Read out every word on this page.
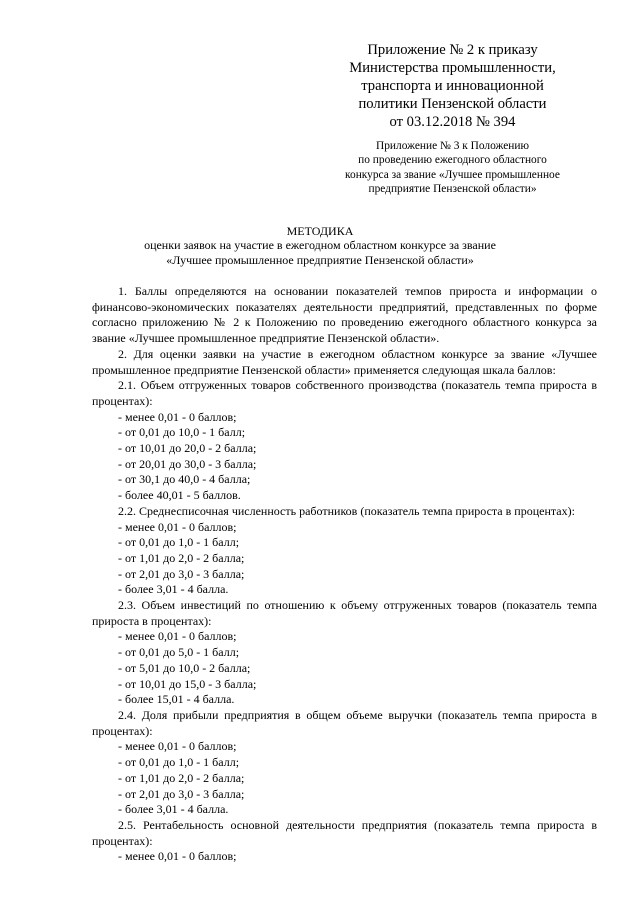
Приложение № 2 к приказу
Министерства промышленности,
транспорта и инновационной
политики Пензенской области
от 03.12.2018 № 394
Приложение № 3 к Положению
по проведению ежегодного областного
конкурса за звание «Лучшее промышленное
предприятие Пензенской области»
МЕТОДИКА
оценки заявок на участие в ежегодном областном конкурсе за звание
«Лучшее промышленное предприятие Пензенской области»

1. Баллы определяются на основании показателей темпов прироста и информации о финансово-экономических показателях деятельности предприятий, представленных по форме согласно приложению № 2 к Положению по проведению ежегодного областного конкурса за звание «Лучшее промышленное предприятие Пензенской области».

2. Для оценки заявки на участие в ежегодном областном конкурсе за звание «Лучшее промышленное предприятие Пензенской области» применяется следующая шкала баллов:

2.1. Объем отгруженных товаров собственного производства (показатель темпа прироста в процентах):

- менее 0,01 - 0 баллов;

- от 0,01 до 10,0 - 1 балл;

- от 10,01 до 20,0 - 2 балла;

- от 20,01 до 30,0 - 3 балла;

- от 30,1 до 40,0 - 4 балла;

- более 40,01 - 5 баллов.

2.2. Среднесписочная численность работников (показатель темпа прироста в процентах):

- менее 0,01 - 0 баллов;

- от 0,01 до 1,0 - 1 балл;

- от 1,01 до 2,0 - 2 балла;

- от 2,01 до 3,0 - 3 балла;

- более 3,01 - 4 балла.

2.3. Объем инвестиций по отношению к объему отгруженных товаров (показатель темпа прироста в процентах):

- менее 0,01 - 0 баллов;

- от 0,01 до 5,0 - 1 балл;

- от 5,01 до 10,0 - 2 балла;

- от 10,01 до 15,0 - 3 балла;

- более 15,01 - 4 балла.

2.4. Доля прибыли предприятия в общем объеме выручки (показатель темпа прироста в процентах):

- менее 0,01 - 0 баллов;

- от 0,01 до 1,0 - 1 балл;

- от 1,01 до 2,0 - 2 балла;

- от 2,01 до 3,0 - 3 балла;

- более 3,01 - 4 балла.

2.5. Рентабельность основной деятельности предприятия (показатель темпа прироста в процентах):

- менее 0,01 - 0 баллов;
